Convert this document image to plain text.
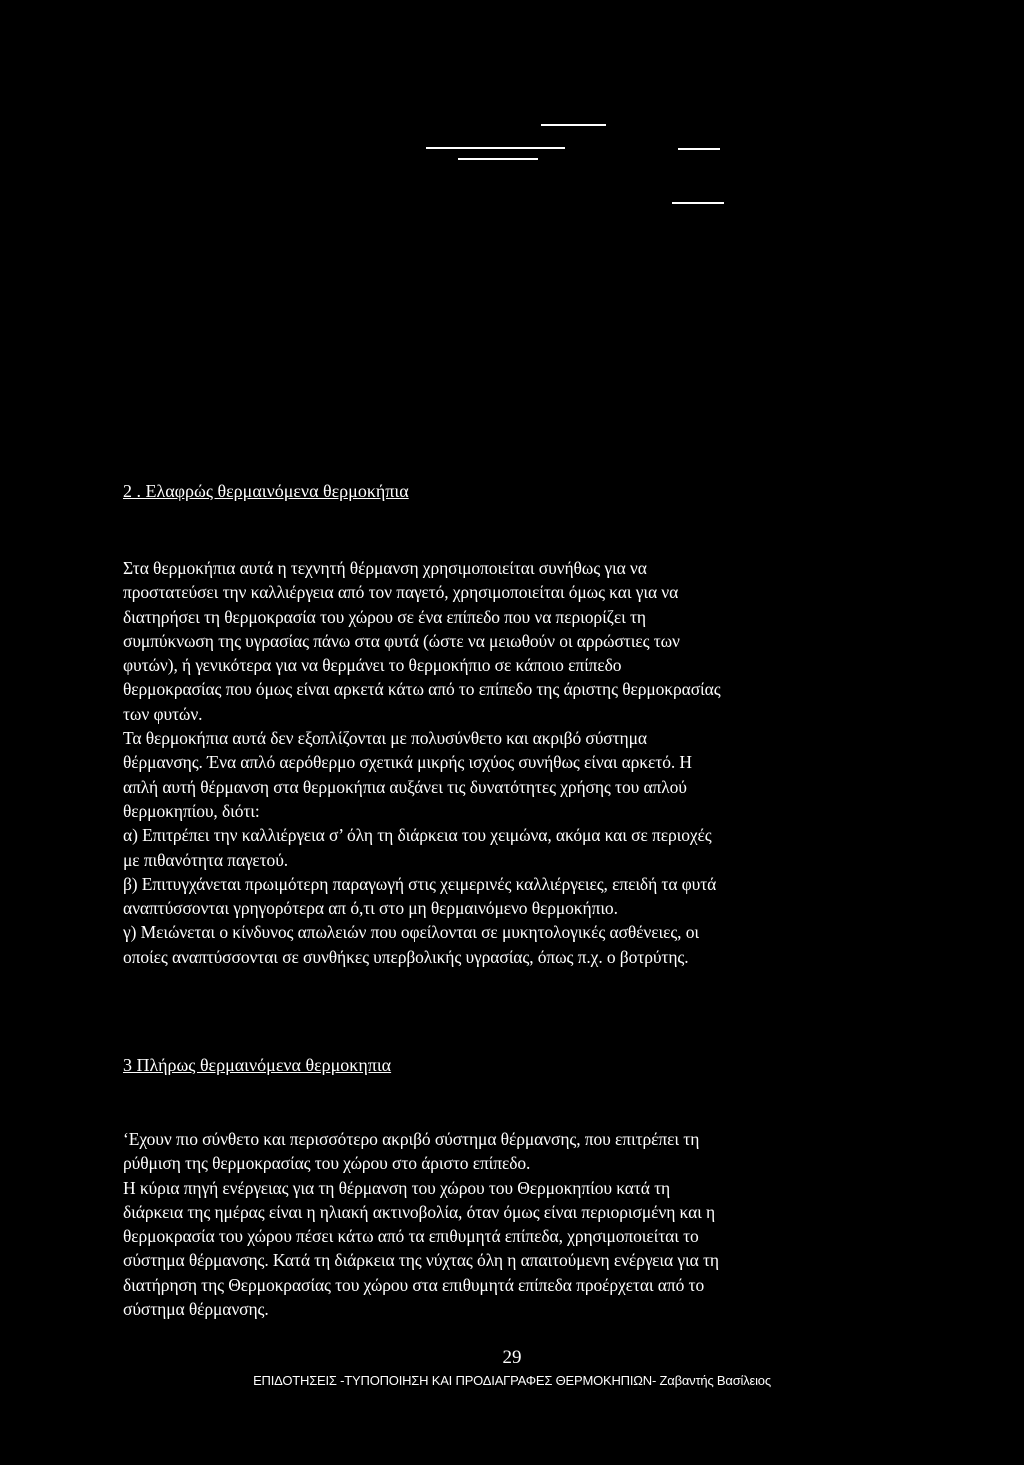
2 . Ελαφρώς θερμαινόμενα θερμοκήπια
Στα θερμοκήπια αυτά η τεχνητή θέρμανση χρησιμοποιείται συνήθως για να
προστατεύσει την καλλιέργεια από τον παγετό, χρησιμοποιείται όμως και για να
διατηρήσει τη θερμοκρασία του χώρου σε ένα επίπεδο που να περιορίζει τη
συμπύκνωση της υγρασίας πάνω στα φυτά (ώστε να μειωθούν οι αρρώστιες των
φυτών), ή γενικότερα για να θερμάνει το θερμοκήπιο σε κάποιο επίπεδο
θερμοκρασίας που όμως είναι αρκετά κάτω από το επίπεδο της άριστης θερμοκρασίας
των φυτών.
Τα θερμοκήπια αυτά δεν εξοπλίζονται με πολυσύνθετο και ακριβό σύστημα
θέρμανσης. Ένα απλό αερόθερμο σχετικά μικρής ισχύος συνήθως είναι αρκετό. Η
απλή αυτή θέρμανση στα θερμοκήπια αυξάνει τις δυνατότητες χρήσης του απλού
θερμοκηπίου, διότι:
α) Επιτρέπει την καλλιέργεια σ’ όλη τη διάρκεια του χειμώνα, ακόμα και σε περιοχές
με πιθανότητα παγετού.
β) Επιτυγχάνεται πρωιμότερη παραγωγή στις χειμερινές καλλιέργειες, επειδή τα φυτά
αναπτύσσονται γρηγορότερα απ ό,τι στο μη θερμαινόμενο θερμοκήπιο.
γ) Μειώνεται ο κίνδυνος απωλειών που οφείλονται σε μυκητολογικές ασθένειες, οι
οποίες αναπτύσσονται σε συνθήκες υπερβολικής υγρασίας, όπως π.χ. ο βοτρύτης.
3 Πλήρως θερμαινόμενα θερμοκηπια
‘Εχουν πιο σύνθετο και περισσότερο ακριβό σύστημα θέρμανσης, που επιτρέπει τη
ρύθμιση της θερμοκρασίας του χώρου στο άριστο επίπεδο.
Η κύρια πηγή ενέργειας για τη θέρμανση του χώρου του Θερμοκηπίου κατά τη
διάρκεια της ημέρας είναι η ηλιακή ακτινοβολία, όταν όμως είναι περιορισμένη και η
θερμοκρασία του χώρου πέσει κάτω από τα επιθυμητά επίπεδα, χρησιμοποιείται το
σύστημα θέρμανσης. Κατά τη διάρκεια της νύχτας όλη η απαιτούμενη ενέργεια για τη
διατήρηση της Θερμοκρασίας του χώρου στα επιθυμητά επίπεδα προέρχεται από το
σύστημα θέρμανσης.
29
ΕΠΙΔΟΤΗΣΕΙΣ -ΤΥΠΟΠΟΙΗΣΗ ΚΑΙ ΠΡΟΔΙΑΓΡΑΦΕΣ ΘΕΡΜΟΚΗΠΙΩΝ- Ζαβαντής Βασίλειος
